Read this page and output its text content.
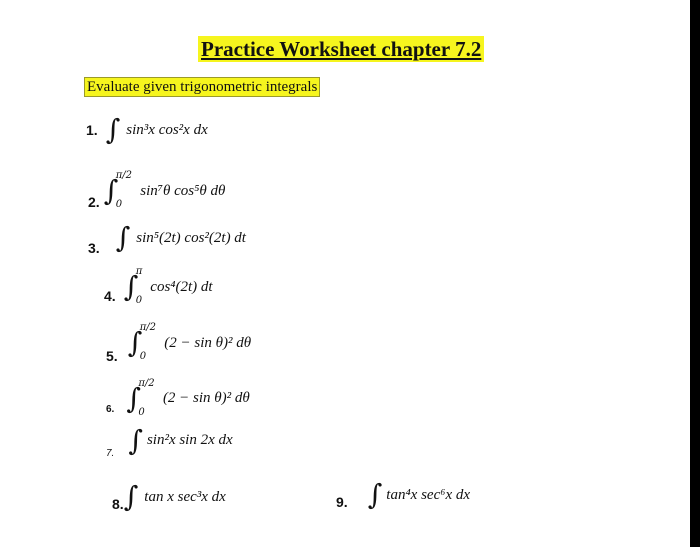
Practice Worksheet chapter 7.2
Evaluate given trigonometric integrals
1. ∫ sin³x cos²x dx
2. ∫
π/2
0
sin⁷θ cos⁵θ dθ
3. ∫ sin⁵(2t) cos²(2t) dt
4. ∫
π
0
cos⁴(2t) dt
5. ∫
π/2
0
(2 − sin θ)² dθ
6. ∫
π/2
0
(2 − sin θ)² dθ
7. ∫ sin²x sin 2x dx
8. ∫ tan x sec³x dx	9. ∫ tan⁴x sec⁶x dx
